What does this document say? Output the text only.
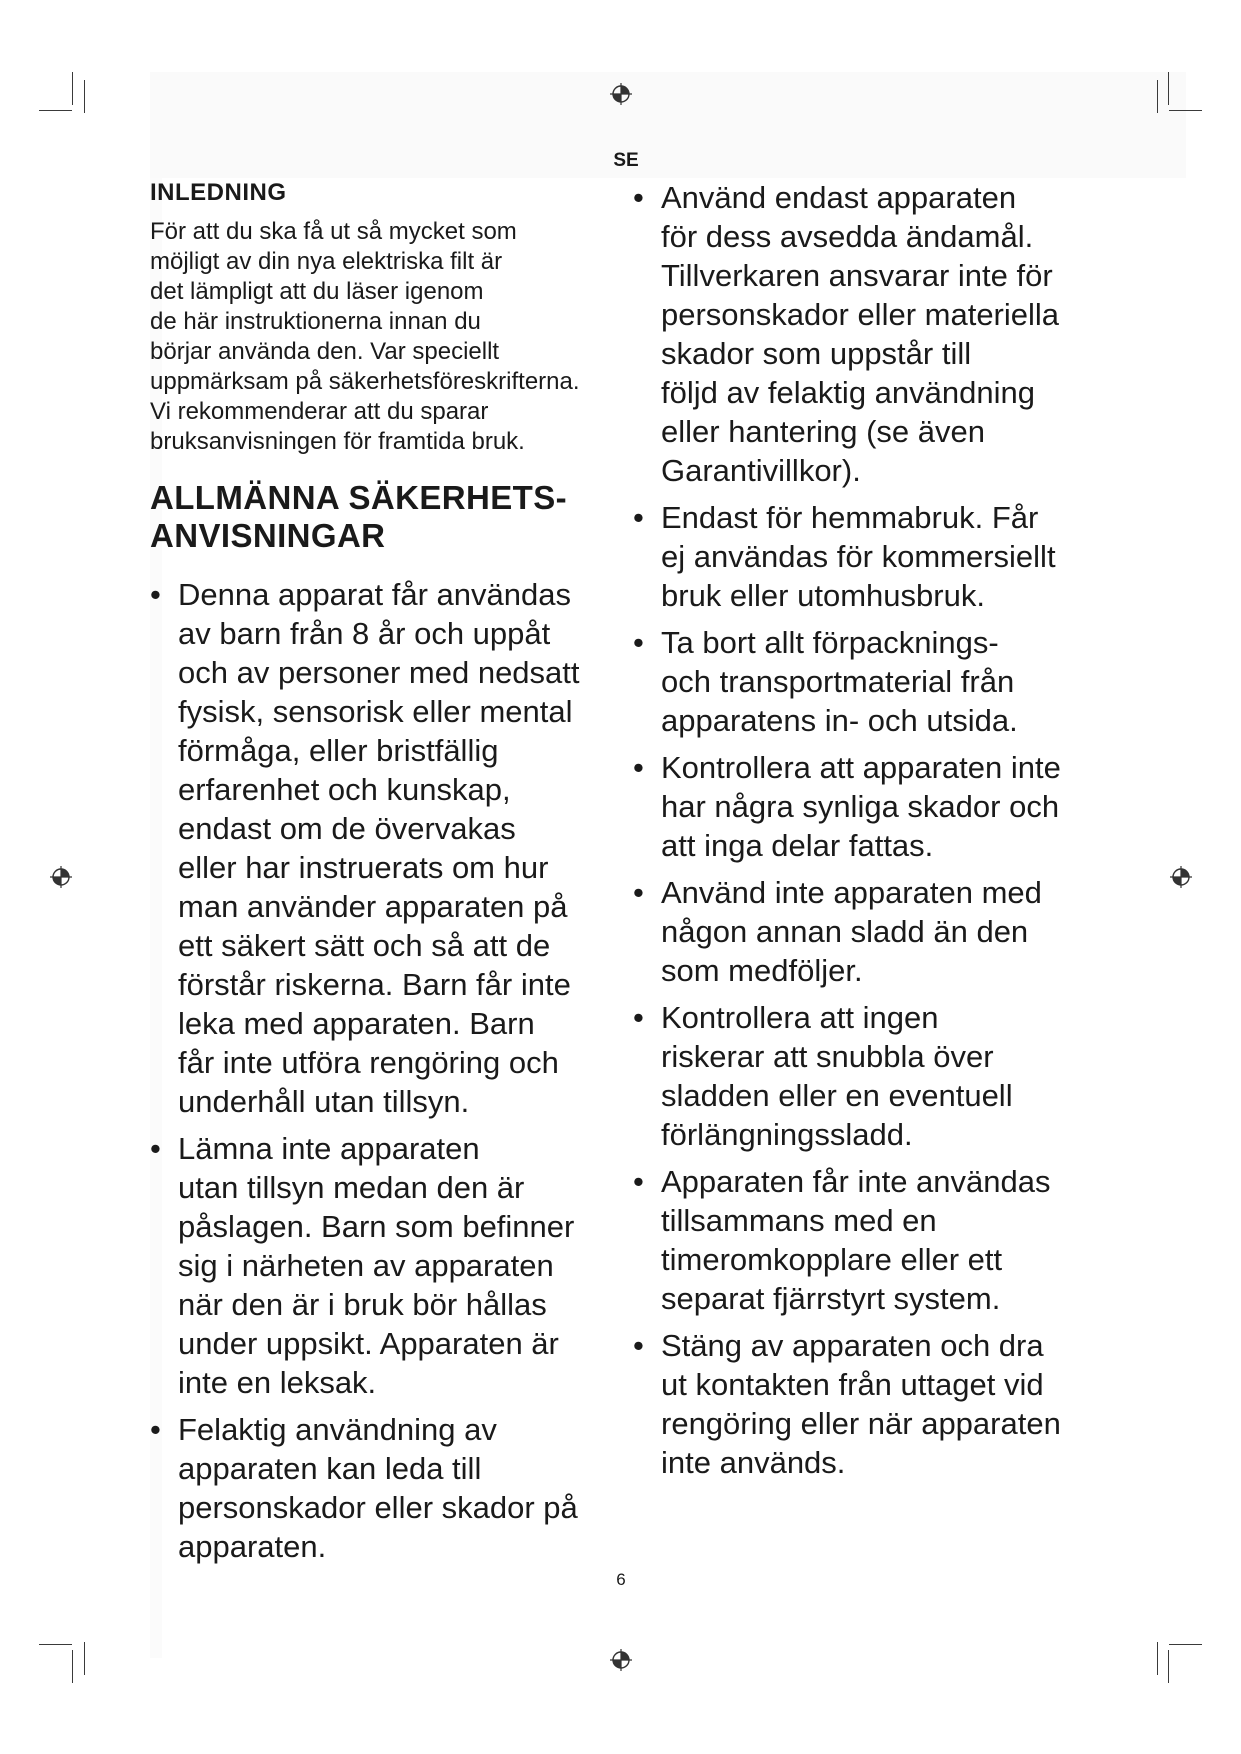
SE
INLEDNING

För att du ska få ut så mycket som
möjligt av din nya elektriska filt är
det lämpligt att du läser igenom
de här instruktionerna innan du
börjar använda den. Var speciellt
uppmärksam på säkerhetsföreskrifterna.
Vi rekommenderar att du sparar
bruksanvisningen för framtida bruk.

ALLMÄNNA SÄKERHETS-
ANVISNINGAR
• Denna apparat får användas
av barn från 8 år och uppåt
och av personer med nedsatt
fysisk, sensorisk eller mental
förmåga, eller bristfällig
erfarenhet och kunskap,
endast om de övervakas
eller har instruerats om hur
man använder apparaten på
ett säkert sätt och så att de
förstår riskerna. Barn får inte
leka med apparaten. Barn
får inte utföra rengöring och
underhåll utan tillsyn.
• Lämna inte apparaten
utan tillsyn medan den är
påslagen. Barn som befinner
sig i närheten av apparaten
när den är i bruk bör hållas
under uppsikt. Apparaten är
inte en leksak.
• Felaktig användning av
apparaten kan leda till
personskador eller skador på
apparaten.
• Använd endast apparaten
för dess avsedda ändamål.
Tillverkaren ansvarar inte för
personskador eller materiella
skador som uppstår till
följd av felaktig användning
eller hantering (se även
Garantivillkor).
• Endast för hemmabruk. Får
ej användas för kommersiellt
bruk eller utomhusbruk.
• Ta bort allt förpacknings-
och transportmaterial från
apparatens in- och utsida.
• Kontrollera att apparaten inte
har några synliga skador och
att inga delar fattas.
• Använd inte apparaten med
någon annan sladd än den
som medföljer.
• Kontrollera att ingen
riskerar att snubbla över
sladden eller en eventuell
förlängningssladd.
• Apparaten får inte användas
tillsammans med en
timeromkopplare eller ett
separat fjärrstyrt system.
• Stäng av apparaten och dra
ut kontakten från uttaget vid
rengöring eller när apparaten
inte används.
6
